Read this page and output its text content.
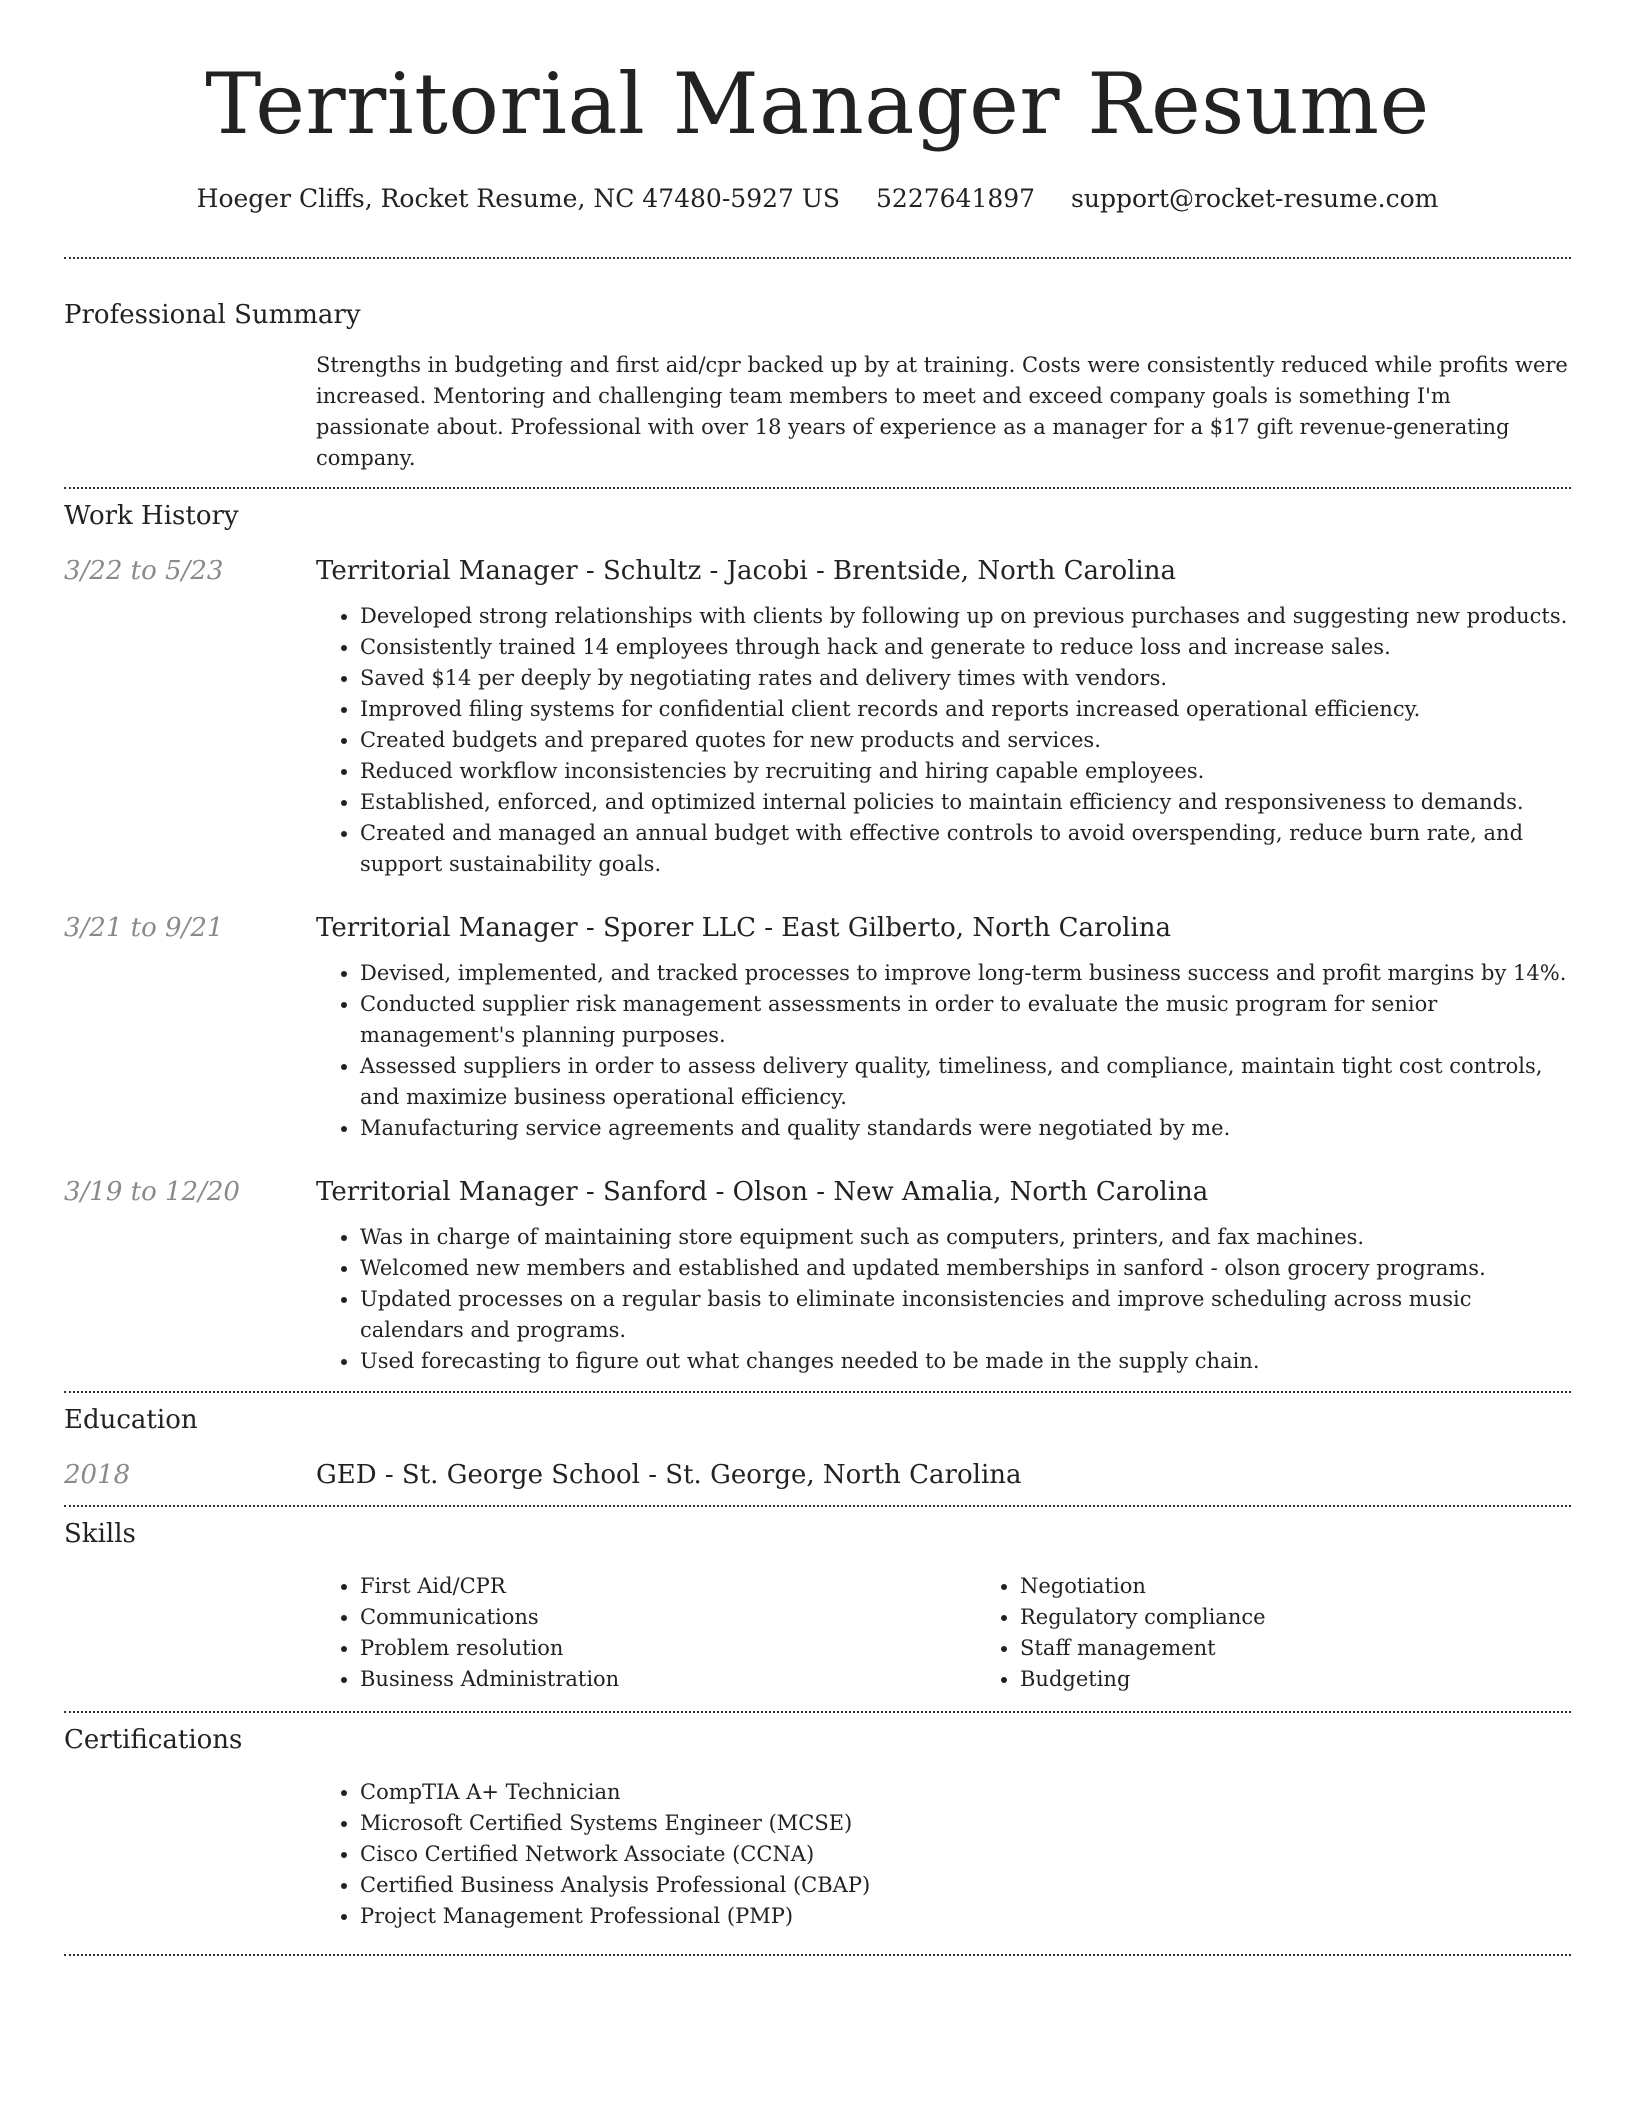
Territorial Manager Resume
Hoeger Cliffs, Rocket Resume, NC 47480-5927 US 5227641897 support@rocket-resume.com
Professional Summary

Strengths in budgeting and first aid/cpr backed up by at training. Costs were consistently reduced while profits were increased. Mentoring and challenging team members to meet and exceed company goals is something I'm passionate about. Professional with over 18 years of experience as a manager for a $17 gift revenue-generating company.

Work History
3/22 to 5/23	Territorial Manager - Schultz - Jacobi - Brentside, North Carolina
• Developed strong relationships with clients by following up on previous purchases and suggesting new products.
• Consistently trained 14 employees through hack and generate to reduce loss and increase sales.
• Saved $14 per deeply by negotiating rates and delivery times with vendors.
• Improved filing systems for confidential client records and reports increased operational efficiency.
• Created budgets and prepared quotes for new products and services.
• Reduced workflow inconsistencies by recruiting and hiring capable employees.
• Established, enforced, and optimized internal policies to maintain efficiency and responsiveness to demands.
• Created and managed an annual budget with effective controls to avoid overspending, reduce burn rate, and support sustainability goals.
3/21 to 9/21	Territorial Manager - Sporer LLC - East Gilberto, North Carolina
• Devised, implemented, and tracked processes to improve long-term business success and profit margins by 14%.
• Conducted supplier risk management assessments in order to evaluate the music program for senior management's planning purposes.
• Assessed suppliers in order to assess delivery quality, timeliness, and compliance, maintain tight cost controls, and maximize business operational efficiency.
• Manufacturing service agreements and quality standards were negotiated by me.
3/19 to 12/20	Territorial Manager - Sanford - Olson - New Amalia, North Carolina
• Was in charge of maintaining store equipment such as computers, printers, and fax machines.
• Welcomed new members and established and updated memberships in sanford - olson grocery programs.
• Updated processes on a regular basis to eliminate inconsistencies and improve scheduling across music calendars and programs.
• Used forecasting to figure out what changes needed to be made in the supply chain.
Education
2018	GED - St. George School - St. George, North Carolina
Skills
• First Aid/CPR
• Communications
• Problem resolution
• Business Administration
• Negotiation
• Regulatory compliance
• Staff management
• Budgeting
Certifications
• CompTIA A+ Technician
• Microsoft Certified Systems Engineer (MCSE)
• Cisco Certified Network Associate (CCNA)
• Certified Business Analysis Professional (CBAP)
• Project Management Professional (PMP)
